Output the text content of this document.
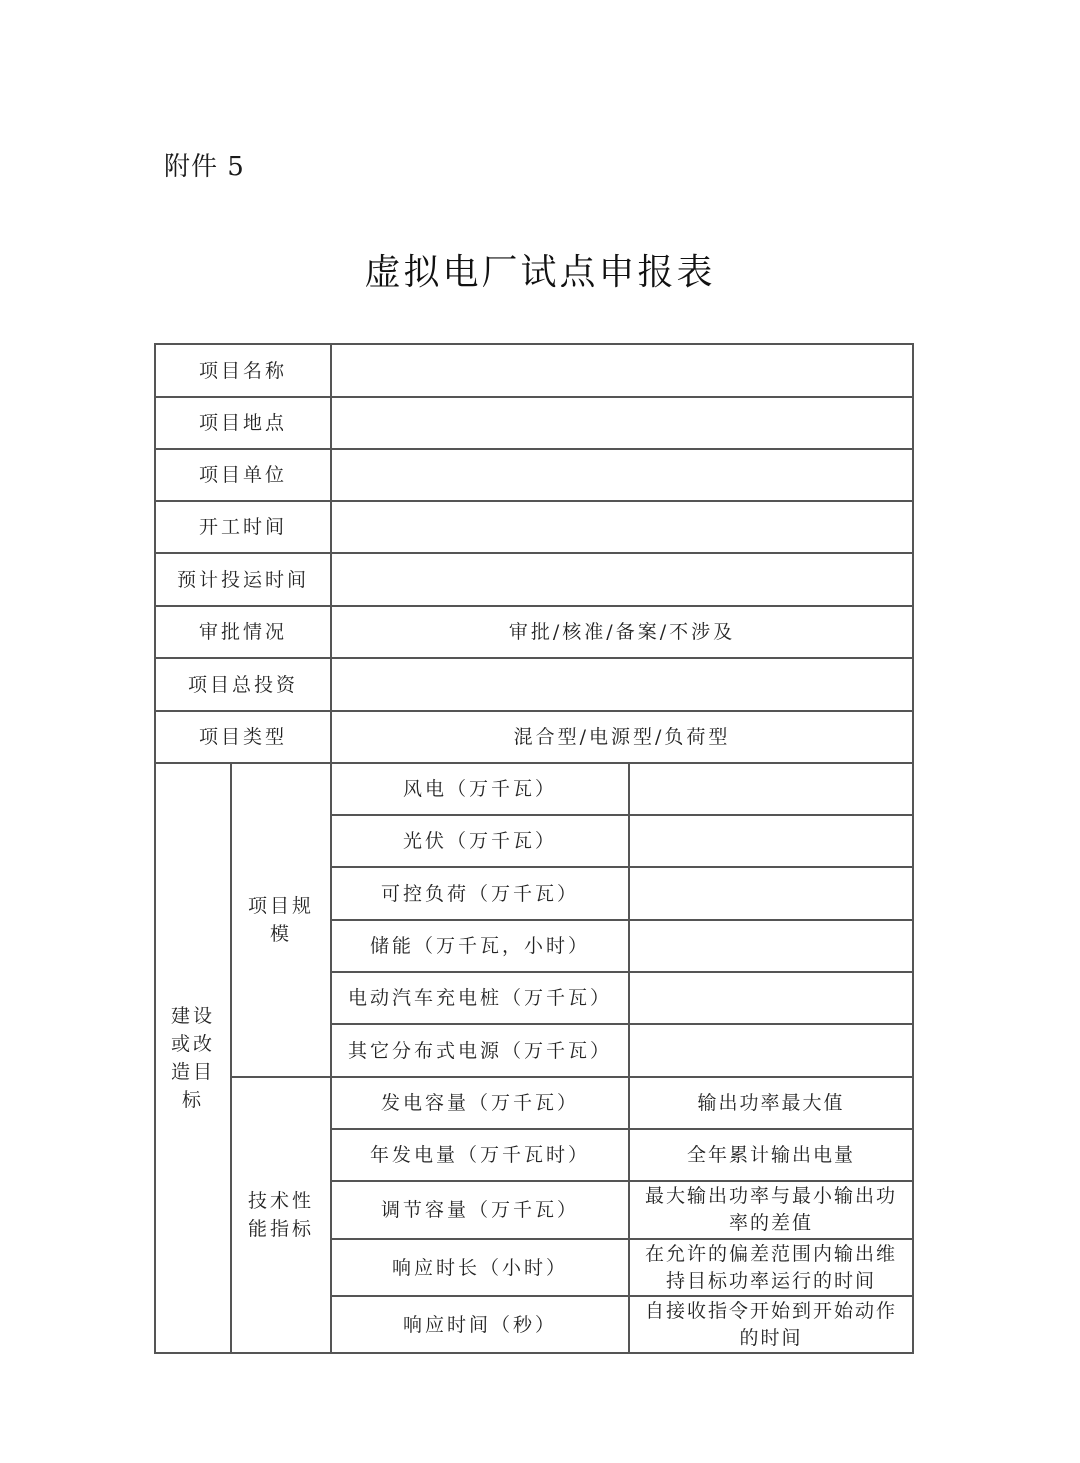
附件 5
虚拟电厂试点申报表
项目名称			
项目地点			
项目单位			
开工时间			
预计投运时间			
审批情况		审批/核准/备案/不涉及	
项目总投资			
项目类型		混合型/电源型/负荷型	
建设或改造目标	项目规模	风电（万千瓦）	
		光伏（万千瓦）	
		可控负荷（万千瓦）	
		储能（万千瓦，小时）	
		电动汽车充电桩（万千瓦）	
		其它分布式电源（万千瓦）	
	技术性能指标	发电容量（万千瓦）	输出功率最大值
		年发电量（万千瓦时）	全年累计输出电量
		调节容量（万千瓦）	最大输出功率与最小输出功率的差值
		响应时长（小时）	在允许的偏差范围内输出维持目标功率运行的时间
		响应时间（秒）	自接收指令开始到开始动作的时间
